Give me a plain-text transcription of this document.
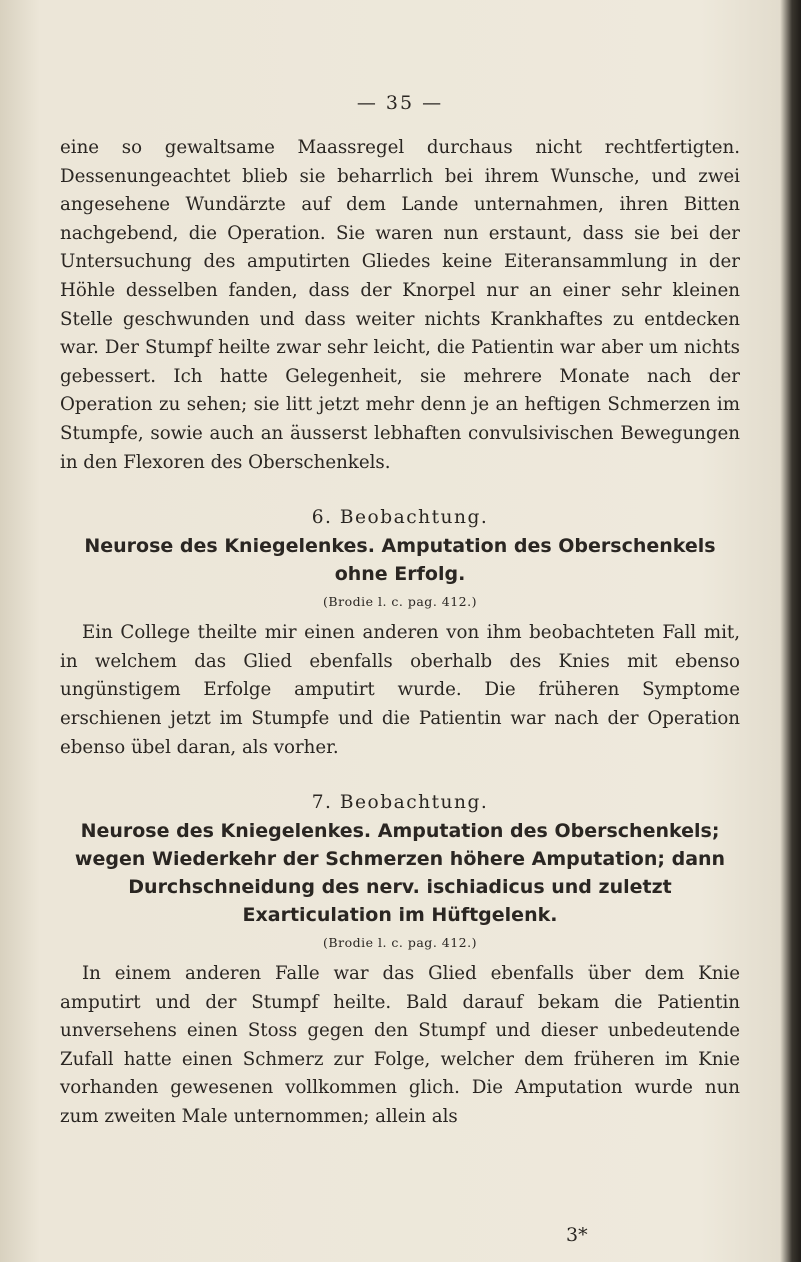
— 35 —

eine so gewaltsame Maassregel durchaus nicht rechtfertigten. Dessenungeachtet blieb sie beharrlich bei ihrem Wunsche, und zwei angesehene Wundärzte auf dem Lande unternahmen, ihren Bitten nachgebend, die Operation. Sie waren nun erstaunt, dass sie bei der Untersuchung des amputirten Gliedes keine Eiteransammlung in der Höhle desselben fanden, dass der Knorpel nur an einer sehr kleinen Stelle geschwunden und dass weiter nichts Krankhaftes zu entdecken war. Der Stumpf heilte zwar sehr leicht, die Patientin war aber um nichts gebessert. Ich hatte Gelegenheit, sie mehrere Monate nach der Operation zu sehen; sie litt jetzt mehr denn je an heftigen Schmerzen im Stumpfe, sowie auch an äusserst lebhaften convulsivischen Bewegungen in den Flexoren des Oberschenkels.

6. Beobachtung.
Neurose des Kniegelenkes. Amputation des Oberschenkels ohne Erfolg.
(Brodie l. c. pag. 412.)

Ein College theilte mir einen anderen von ihm beobachteten Fall mit, in welchem das Glied ebenfalls oberhalb des Knies mit ebenso ungünstigem Erfolge amputirt wurde. Die früheren Symptome erschienen jetzt im Stumpfe und die Patientin war nach der Operation ebenso übel daran, als vorher.

7. Beobachtung.
Neurose des Kniegelenkes. Amputation des Oberschenkels; wegen Wiederkehr der Schmerzen höhere Amputation; dann Durchschneidung des nerv. ischiadicus und zuletzt Exarticulation im Hüftgelenk.
(Brodie l. c. pag. 412.)

In einem anderen Falle war das Glied ebenfalls über dem Knie amputirt und der Stumpf heilte. Bald darauf bekam die Patientin unversehens einen Stoss gegen den Stumpf und dieser unbedeutende Zufall hatte einen Schmerz zur Folge, welcher dem früheren im Knie vorhanden gewesenen vollkommen glich. Die Amputation wurde nun zum zweiten Male unternommen; allein als

3*
